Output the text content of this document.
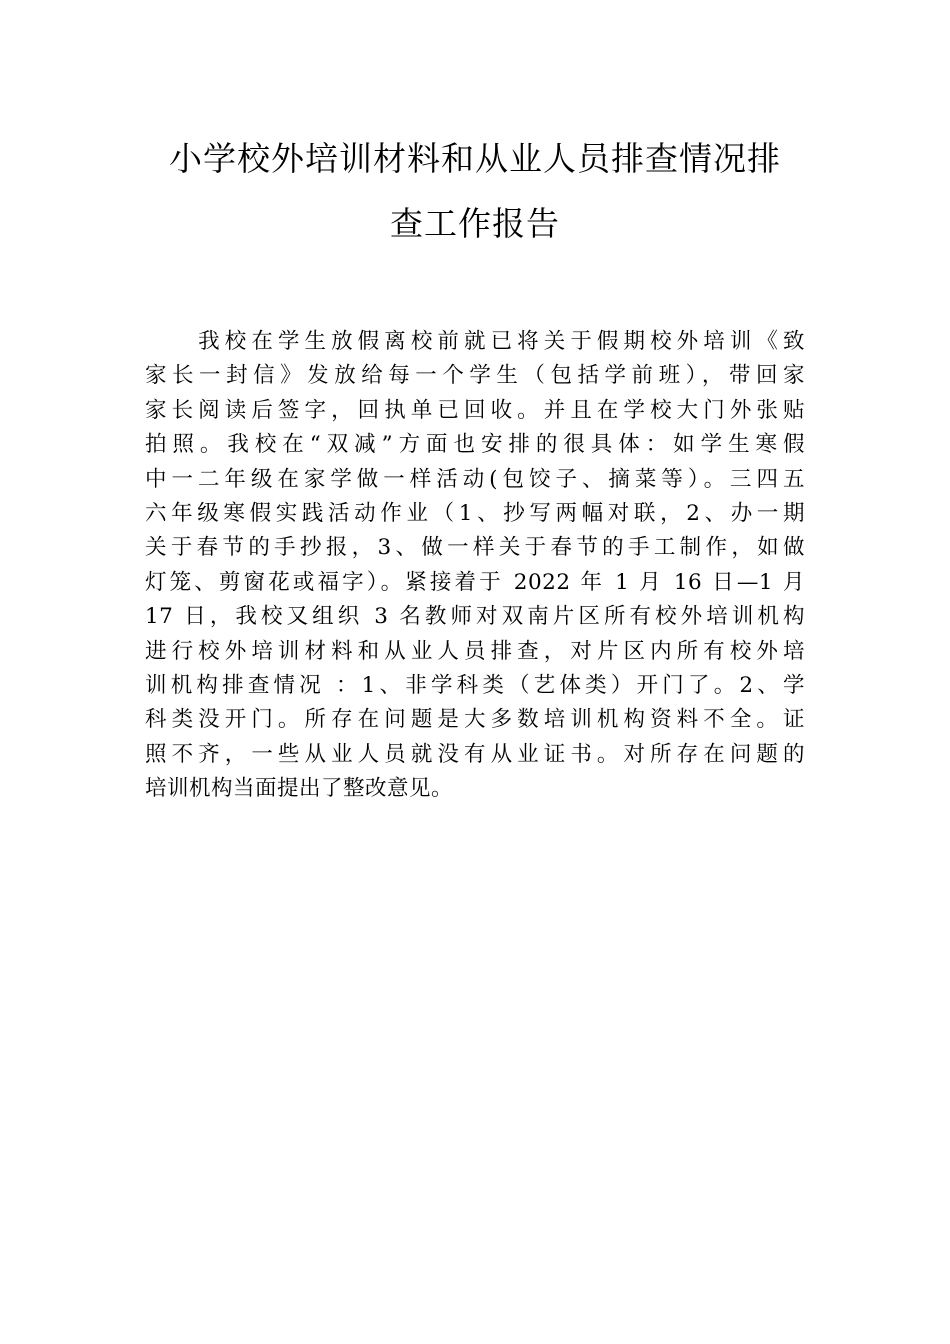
小学校外培训材料和从业人员排查情况排
查工作报告
　　我校在学生放假离校前就已将关于假期校外培训《致
家长一封信》发放给每一个学生（包括学前班），带回家
家长阅读后签字，回执单已回收。并且在学校大门外张贴
拍照。我校在“双减”方面也安排的很具体：如学生寒假
中一二年级在家学做一样活动(包饺子、摘菜等）。三四五
六年级寒假实践活动作业（1、抄写两幅对联，2、办一期
关于春节的手抄报，3、做一样关于春节的手工制作，如做
灯笼、剪窗花或福字）。紧接着于 2022 年 1 月 16 日—1 月
17 日，我校又组织 3 名教师对双南片区所有校外培训机构
进行校外培训材料和从业人员排查，对片区内所有校外培
训机构排查情况 ：1、非学科类（艺体类）开门了。2、学
科类没开门。所存在问题是大多数培训机构资料不全。证
照不齐，一些从业人员就没有从业证书。对所存在问题的
培训机构当面提出了整改意见。
